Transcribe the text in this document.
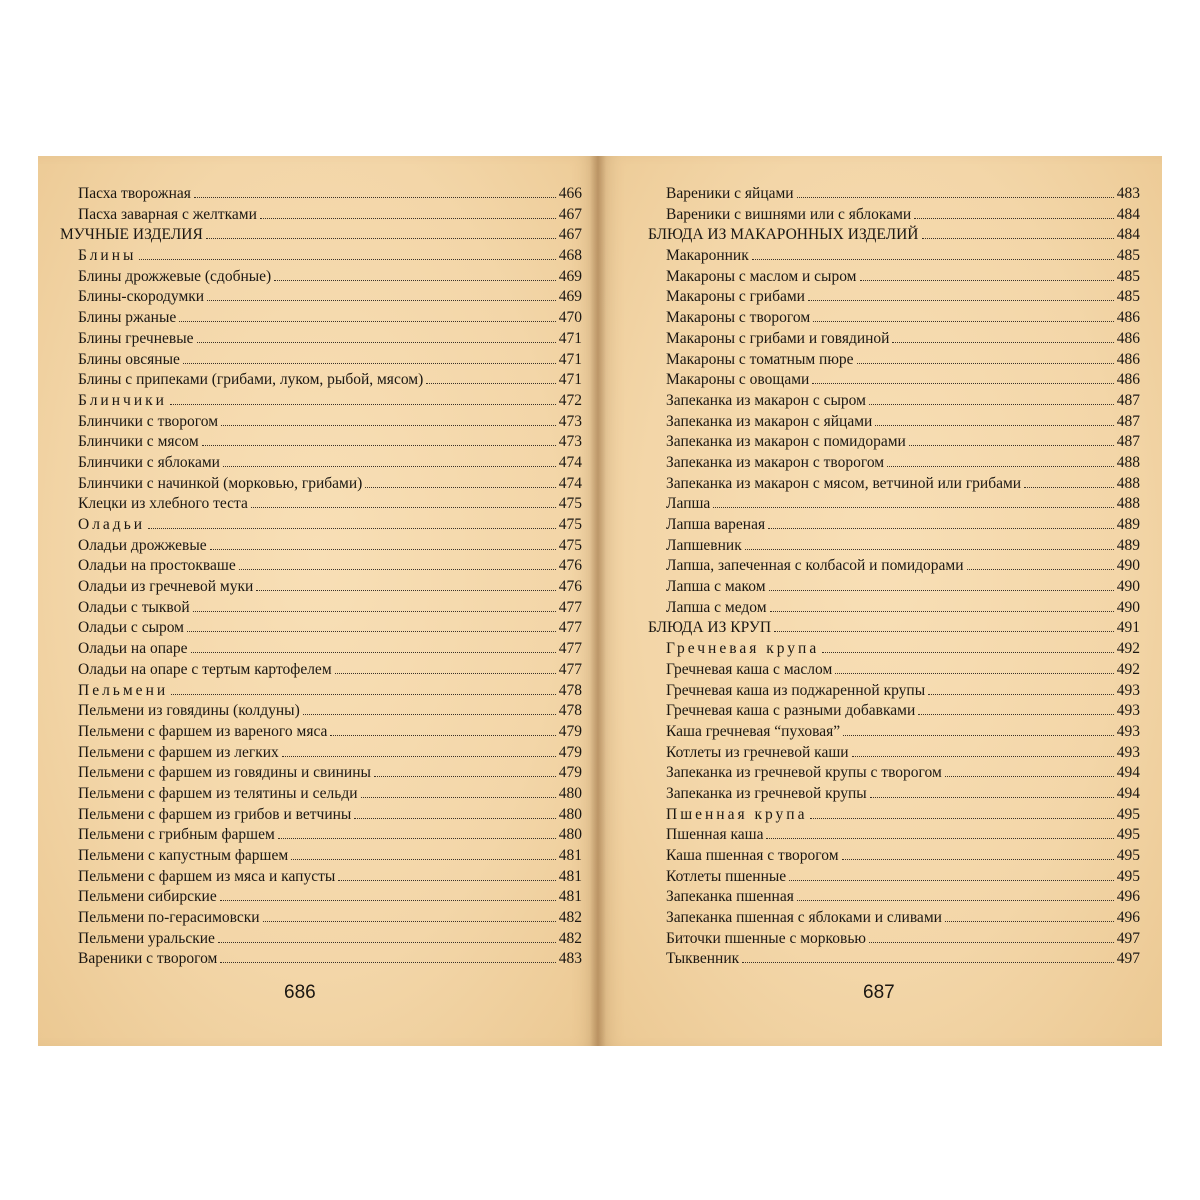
Пасха творожная	466
Пасха заварная с желтками	467
МУЧНЫЕ ИЗДЕЛИЯ	467
Блины	468
Блины дрожжевые (сдобные)	469
Блины-скородумки	469
Блины ржаные	470
Блины гречневые	471
Блины овсяные	471
Блины с припеками (грибами, луком, рыбой, мясом)	471
Блинчики	472
Блинчики с творогом	473
Блинчики с мясом	473
Блинчики с яблоками	474
Блинчики с начинкой (морковью, грибами)	474
Клецки из хлебного теста	475
Оладьи	475
Оладьи дрожжевые	475
Оладьи на простокваше	476
Оладьи из гречневой муки	476
Оладьи с тыквой	477
Оладьи с сыром	477
Оладьи на опаре	477
Оладьи на опаре с тертым картофелем	477
Пельмени	478
Пельмени из говядины (колдуны)	478
Пельмени с фаршем из вареного мяса	479
Пельмени с фаршем из легких	479
Пельмени с фаршем из говядины и свинины	479
Пельмени с фаршем из телятины и сельди	480
Пельмени с фаршем из грибов и ветчины	480
Пельмени с грибным фаршем	480
Пельмени с капустным фаршем	481
Пельмени с фаршем из мяса и капусты	481
Пельмени сибирские	481
Пельмени по-герасимовски	482
Пельмени уральские	482
Вареники с творогом	483
686
Вареники с яйцами	483
Вареники с вишнями или с яблоками	484
БЛЮДА ИЗ МАКАРОННЫХ ИЗДЕЛИЙ	484
Макаронник	485
Макароны с маслом и сыром	485
Макароны с грибами	485
Макароны с творогом	486
Макароны с грибами и говядиной	486
Макароны с томатным пюре	486
Макароны с овощами	486
Запеканка из макарон с сыром	487
Запеканка из макарон с яйцами	487
Запеканка из макарон с помидорами	487
Запеканка из макарон с творогом	488
Запеканка из макарон с мясом, ветчиной или грибами	488
Лапша	488
Лапша вареная	489
Лапшевник	489
Лапша, запеченная с колбасой и помидорами	490
Лапша с маком	490
Лапша с медом	490
БЛЮДА ИЗ КРУП	491
Гречневая крупа	492
Гречневая каша с маслом	492
Гречневая каша из поджаренной крупы	493
Гречневая каша с разными добавками	493
Каша гречневая “пуховая”	493
Котлеты из гречневой каши	493
Запеканка из гречневой крупы с творогом	494
Запеканка из гречневой крупы	494
Пшенная крупа	495
Пшенная каша	495
Каша пшенная с творогом	495
Котлеты пшенные	495
Запеканка пшенная	496
Запеканка пшенная с яблоками и сливами	496
Биточки пшенные с морковью	497
Тыквенник	497
687
